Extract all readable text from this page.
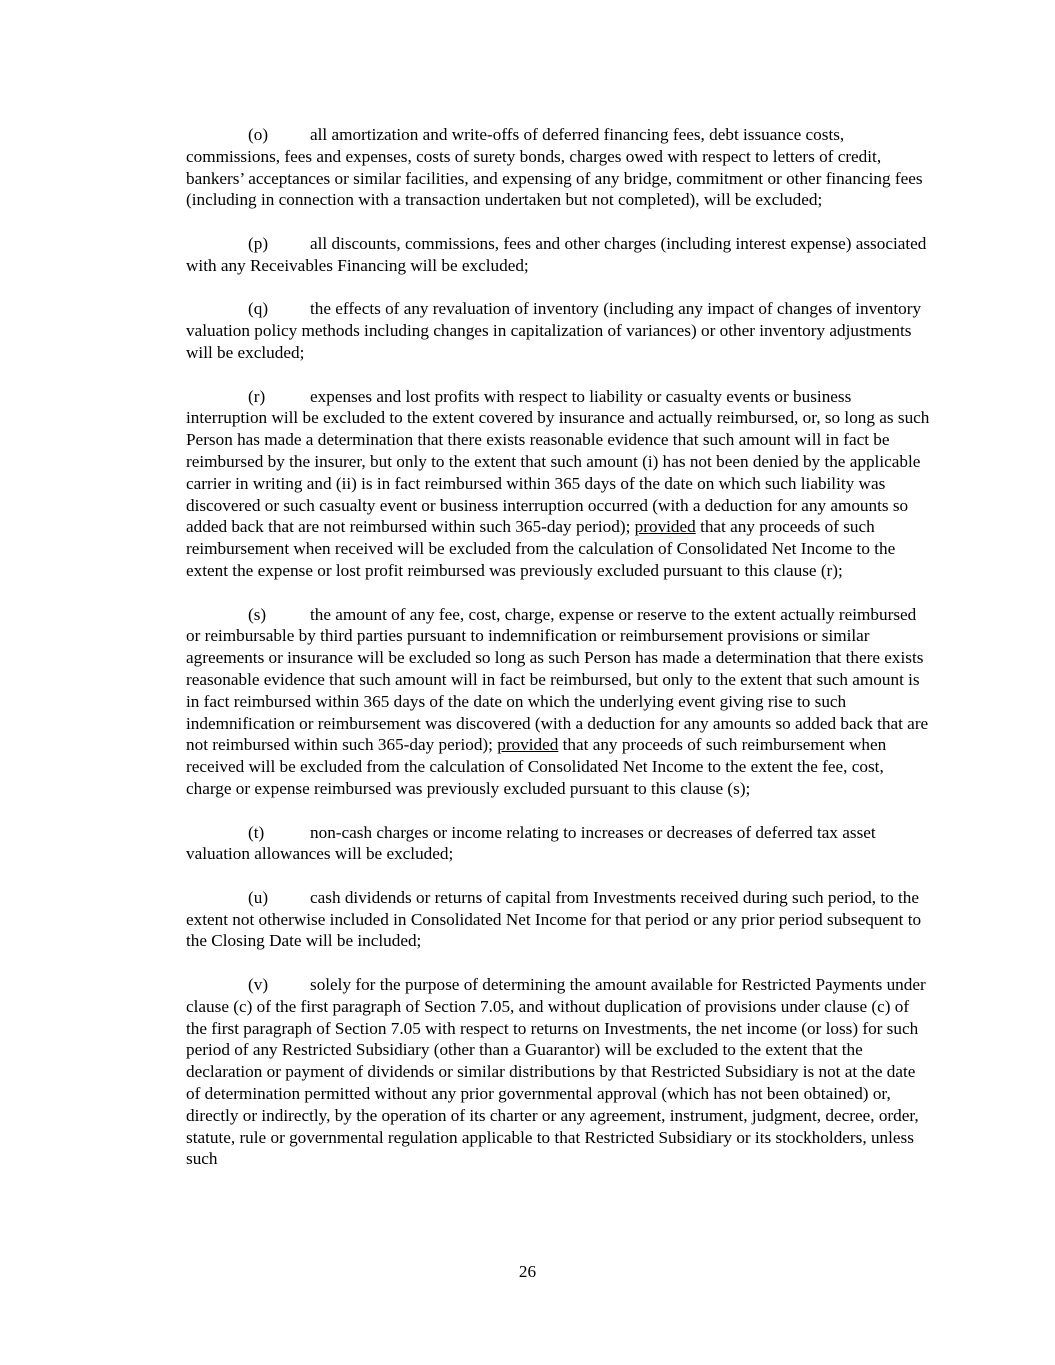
(o) all amortization and write-offs of deferred financing fees, debt issuance costs, commissions, fees and expenses, costs of surety bonds, charges owed with respect to letters of credit, bankers’ acceptances or similar facilities, and expensing of any bridge, commitment or other financing fees (including in connection with a transaction undertaken but not completed), will be excluded;

(p) all discounts, commissions, fees and other charges (including interest expense) associated with any Receivables Financing will be excluded;

(q) the effects of any revaluation of inventory (including any impact of changes of inventory valuation policy methods including changes in capitalization of variances) or other inventory adjustments will be excluded;

(r)	expenses and lost profits with respect to liability or casualty events or business interruption will be excluded to the extent covered by insurance and actually reimbursed, or, so long as such Person has made a determination that there exists reasonable evidence that such amount will in fact be reimbursed by the insurer, but only to the extent that such amount (i) has not been denied by the applicable carrier in writing and (ii) is in fact reimbursed within 365 days of the date on which such liability was discovered or such casualty event or business interruption occurred (with a deduction for any amounts so added back that are not reimbursed within such 365-day period); provided that any proceeds of such reimbursement when received will be excluded from the calculation of Consolidated Net Income to the extent the expense or lost profit reimbursed was previously excluded pursuant to this clause (r);

(s)	the amount of any fee, cost, charge, expense or reserve to the extent actually reimbursed or reimbursable by third parties pursuant to indemnification or reimbursement provisions or similar agreements or insurance will be excluded so long as such Person has made a determination that there exists reasonable evidence that such amount will in fact be reimbursed, but only to the extent that such amount is in fact reimbursed within 365 days of the date on which the underlying event giving rise to such indemnification or reimbursement was discovered (with a deduction for any amounts so added back that are not reimbursed within such 365-day period); provided that any proceeds of such reimbursement when received will be excluded from the calculation of Consolidated Net Income to the extent the fee, cost, charge or expense reimbursed was previously excluded pursuant to this clause (s);

(t)	non-cash charges or income relating to increases or decreases of deferred tax asset valuation allowances will be excluded;

(u) cash dividends or returns of capital from Investments received during such period, to the extent not otherwise included in Consolidated Net Income for that period or any prior period subsequent to the Closing Date will be included;

(v) solely for the purpose of determining the amount available for Restricted Payments under clause (c) of the first paragraph of Section 7.05, and without duplication of provisions under clause (c) of the first paragraph of Section 7.05 with respect to returns on Investments, the net income (or loss) for such period of any Restricted Subsidiary (other than a Guarantor) will be excluded to the extent that the declaration or payment of dividends or similar distributions by that Restricted Subsidiary is not at the date of determination permitted without any prior governmental approval (which has not been obtained) or, directly or indirectly, by the operation of its charter or any agreement, instrument, judgment, decree, order, statute, rule or governmental regulation applicable to that Restricted Subsidiary or its stockholders, unless such

26
